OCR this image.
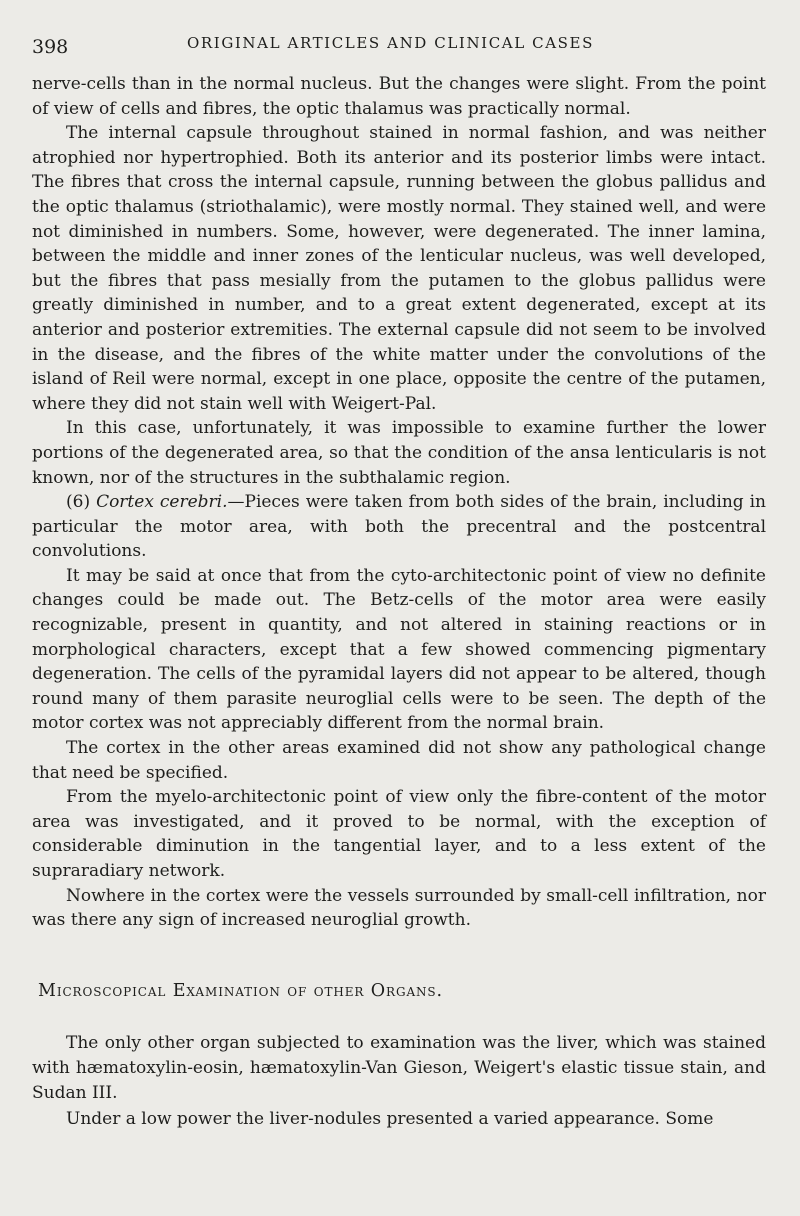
398	ORIGINAL ARTICLES AND CLINICAL CASES

nerve-cells than in the normal nucleus. But the changes were slight. From the point of view of cells and fibres, the optic thalamus was practically normal.

The internal capsule throughout stained in normal fashion, and was neither atrophied nor hypertrophied. Both its anterior and its posterior limbs were intact. The fibres that cross the internal capsule, running between the globus pallidus and the optic thalamus (striothalamic), were mostly normal. They stained well, and were not diminished in numbers. Some, however, were degenerated. The inner lamina, between the middle and inner zones of the lenticular nucleus, was well developed, but the fibres that pass mesially from the putamen to the globus pallidus were greatly diminished in number, and to a great extent degenerated, except at its anterior and posterior extremities. The external capsule did not seem to be involved in the disease, and the fibres of the white matter under the convolutions of the island of Reil were normal, except in one place, opposite the centre of the putamen, where they did not stain well with Weigert-Pal.

In this case, unfortunately, it was impossible to examine further the lower portions of the degenerated area, so that the condition of the ansa lenticularis is not known, nor of the structures in the subthalamic region.

(6) Cortex cerebri.—Pieces were taken from both sides of the brain, including in particular the motor area, with both the precentral and the postcentral convolutions.

It may be said at once that from the cyto-architectonic point of view no definite changes could be made out. The Betz-cells of the motor area were easily recognizable, present in quantity, and not altered in staining reactions or in morphological characters, except that a few showed commencing pigmentary degeneration. The cells of the pyramidal layers did not appear to be altered, though round many of them parasite neuroglial cells were to be seen. The depth of the motor cortex was not appreciably different from the normal brain.

The cortex in the other areas examined did not show any pathological change that need be specified.

From the myelo-architectonic point of view only the fibre-content of the motor area was investigated, and it proved to be normal, with the exception of considerable diminution in the tangential layer, and to a less extent of the supraradiary network.

Nowhere in the cortex were the vessels surrounded by small-cell infiltration, nor was there any sign of increased neuroglial growth.

Microscopical Examination of other Organs.

The only other organ subjected to examination was the liver, which was stained with hæmatoxylin-eosin, hæmatoxylin-Van Gieson, Weigert's elastic tissue stain, and Sudan III.

Under a low power the liver-nodules presented a varied appearance. Some
